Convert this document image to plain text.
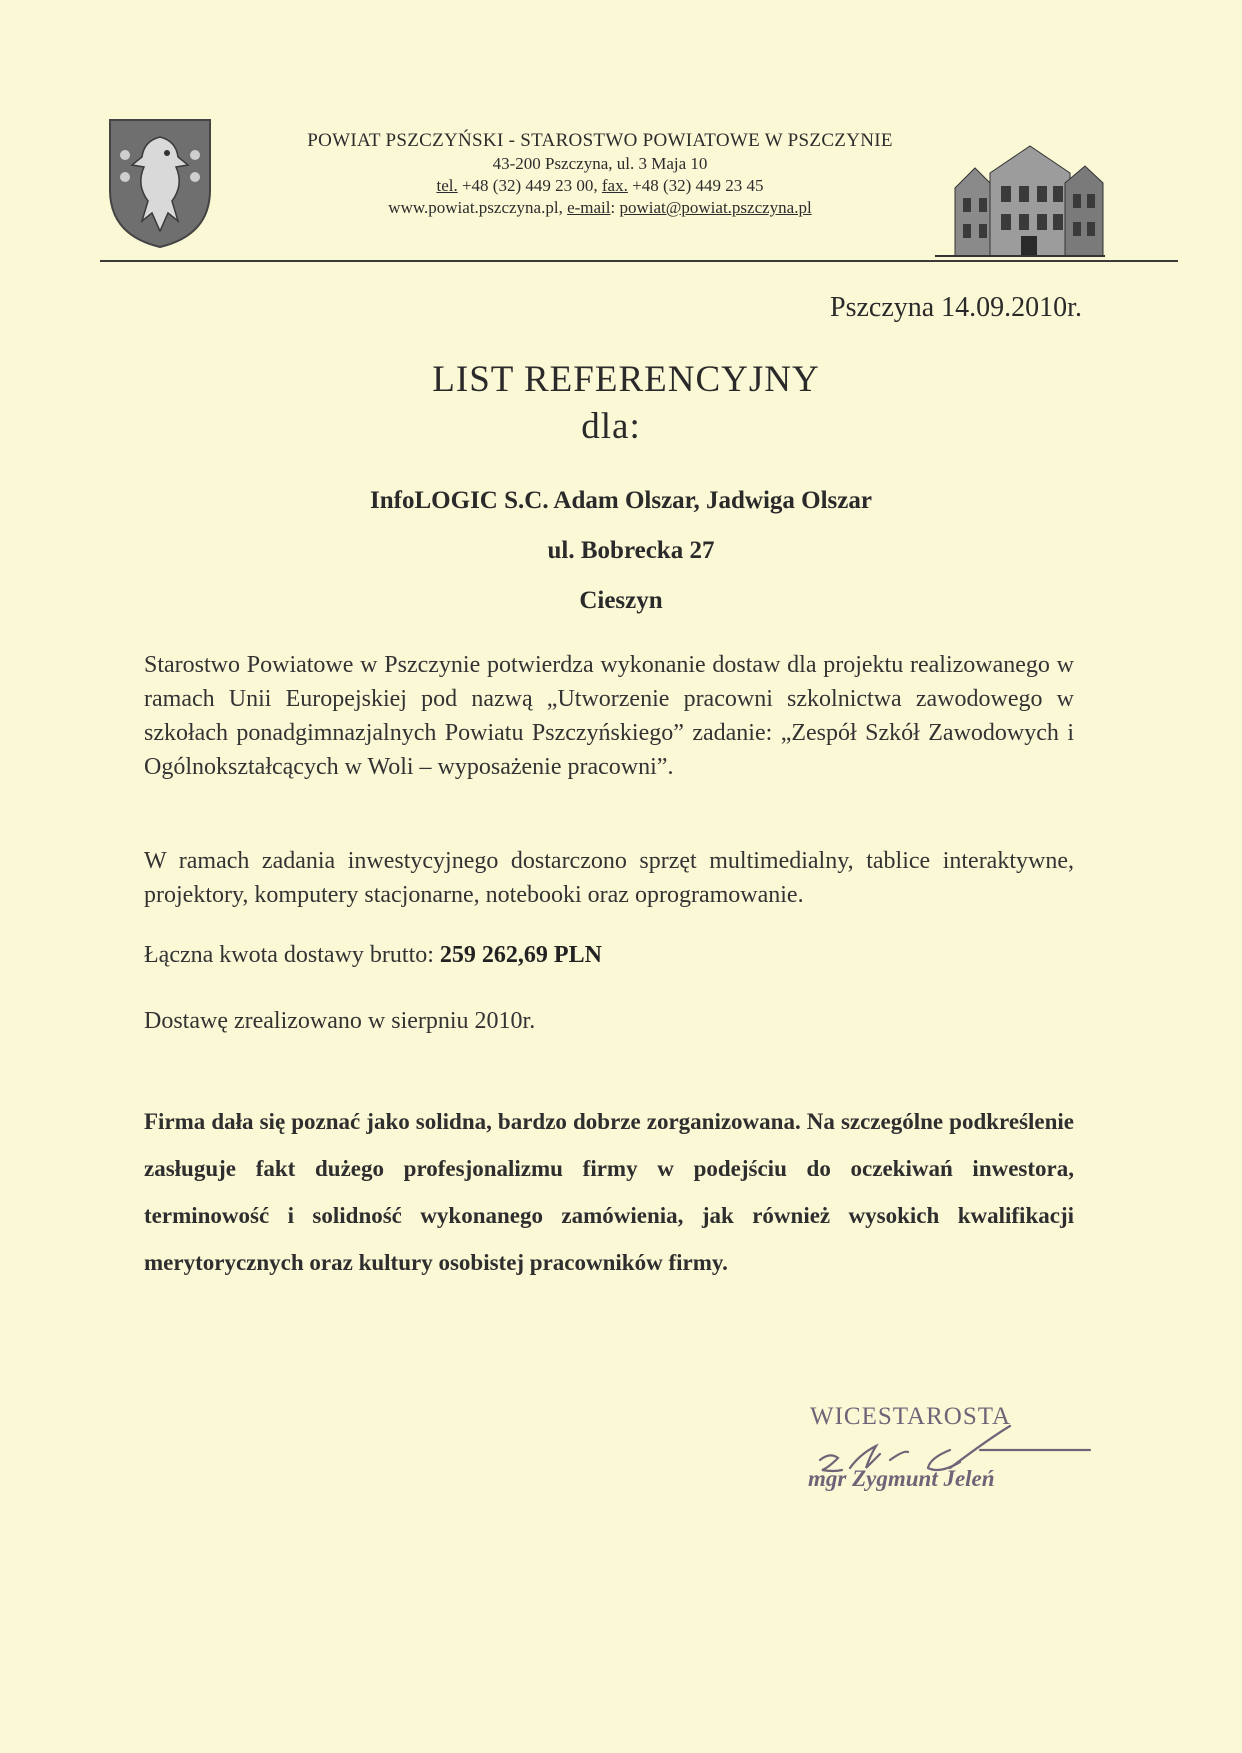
POWIAT PSZCZYŃSKI - STAROSTWO POWIATOWE W PSZCZYNIE
43-200 Pszczyna, ul. 3 Maja 10
tel. +48 (32) 449 23 00, fax. +48 (32) 449 23 45
www.powiat.pszczyna.pl, e-mail: powiat@powiat.pszczyna.pl
Pszczyna 14.09.2010r.
LIST REFERENCYJNY
dla:
InfoLOGIC S.C. Adam Olszar, Jadwiga Olszar
ul. Bobrecka 27
Cieszyn
Starostwo Powiatowe w Pszczynie potwierdza wykonanie dostaw dla projektu realizowanego w ramach Unii Europejskiej pod nazwą „Utworzenie pracowni szkolnictwa zawodowego w szkołach ponadgimnazjalnych Powiatu Pszczyńskiego” zadanie: „Zespół Szkół Zawodowych i Ogólnokształcących w Woli – wyposażenie pracowni”.
W ramach zadania inwestycyjnego dostarczono sprzęt multimedialny, tablice interaktywne, projektory, komputery stacjonarne, notebooki oraz oprogramowanie.
Łączna kwota dostawy brutto: 259 262,69 PLN
Dostawę zrealizowano w sierpniu 2010r.
Firma dała się poznać jako solidna, bardzo dobrze zorganizowana. Na szczególne podkreślenie zasługuje fakt dużego profesjonalizmu firmy w podejściu do oczekiwań inwestora, terminowość i solidność wykonanego zamówienia, jak również wysokich kwalifikacji merytorycznych oraz kultury osobistej pracowników firmy.
WICESTAROSTA
mgr Zygmunt Jeleń
